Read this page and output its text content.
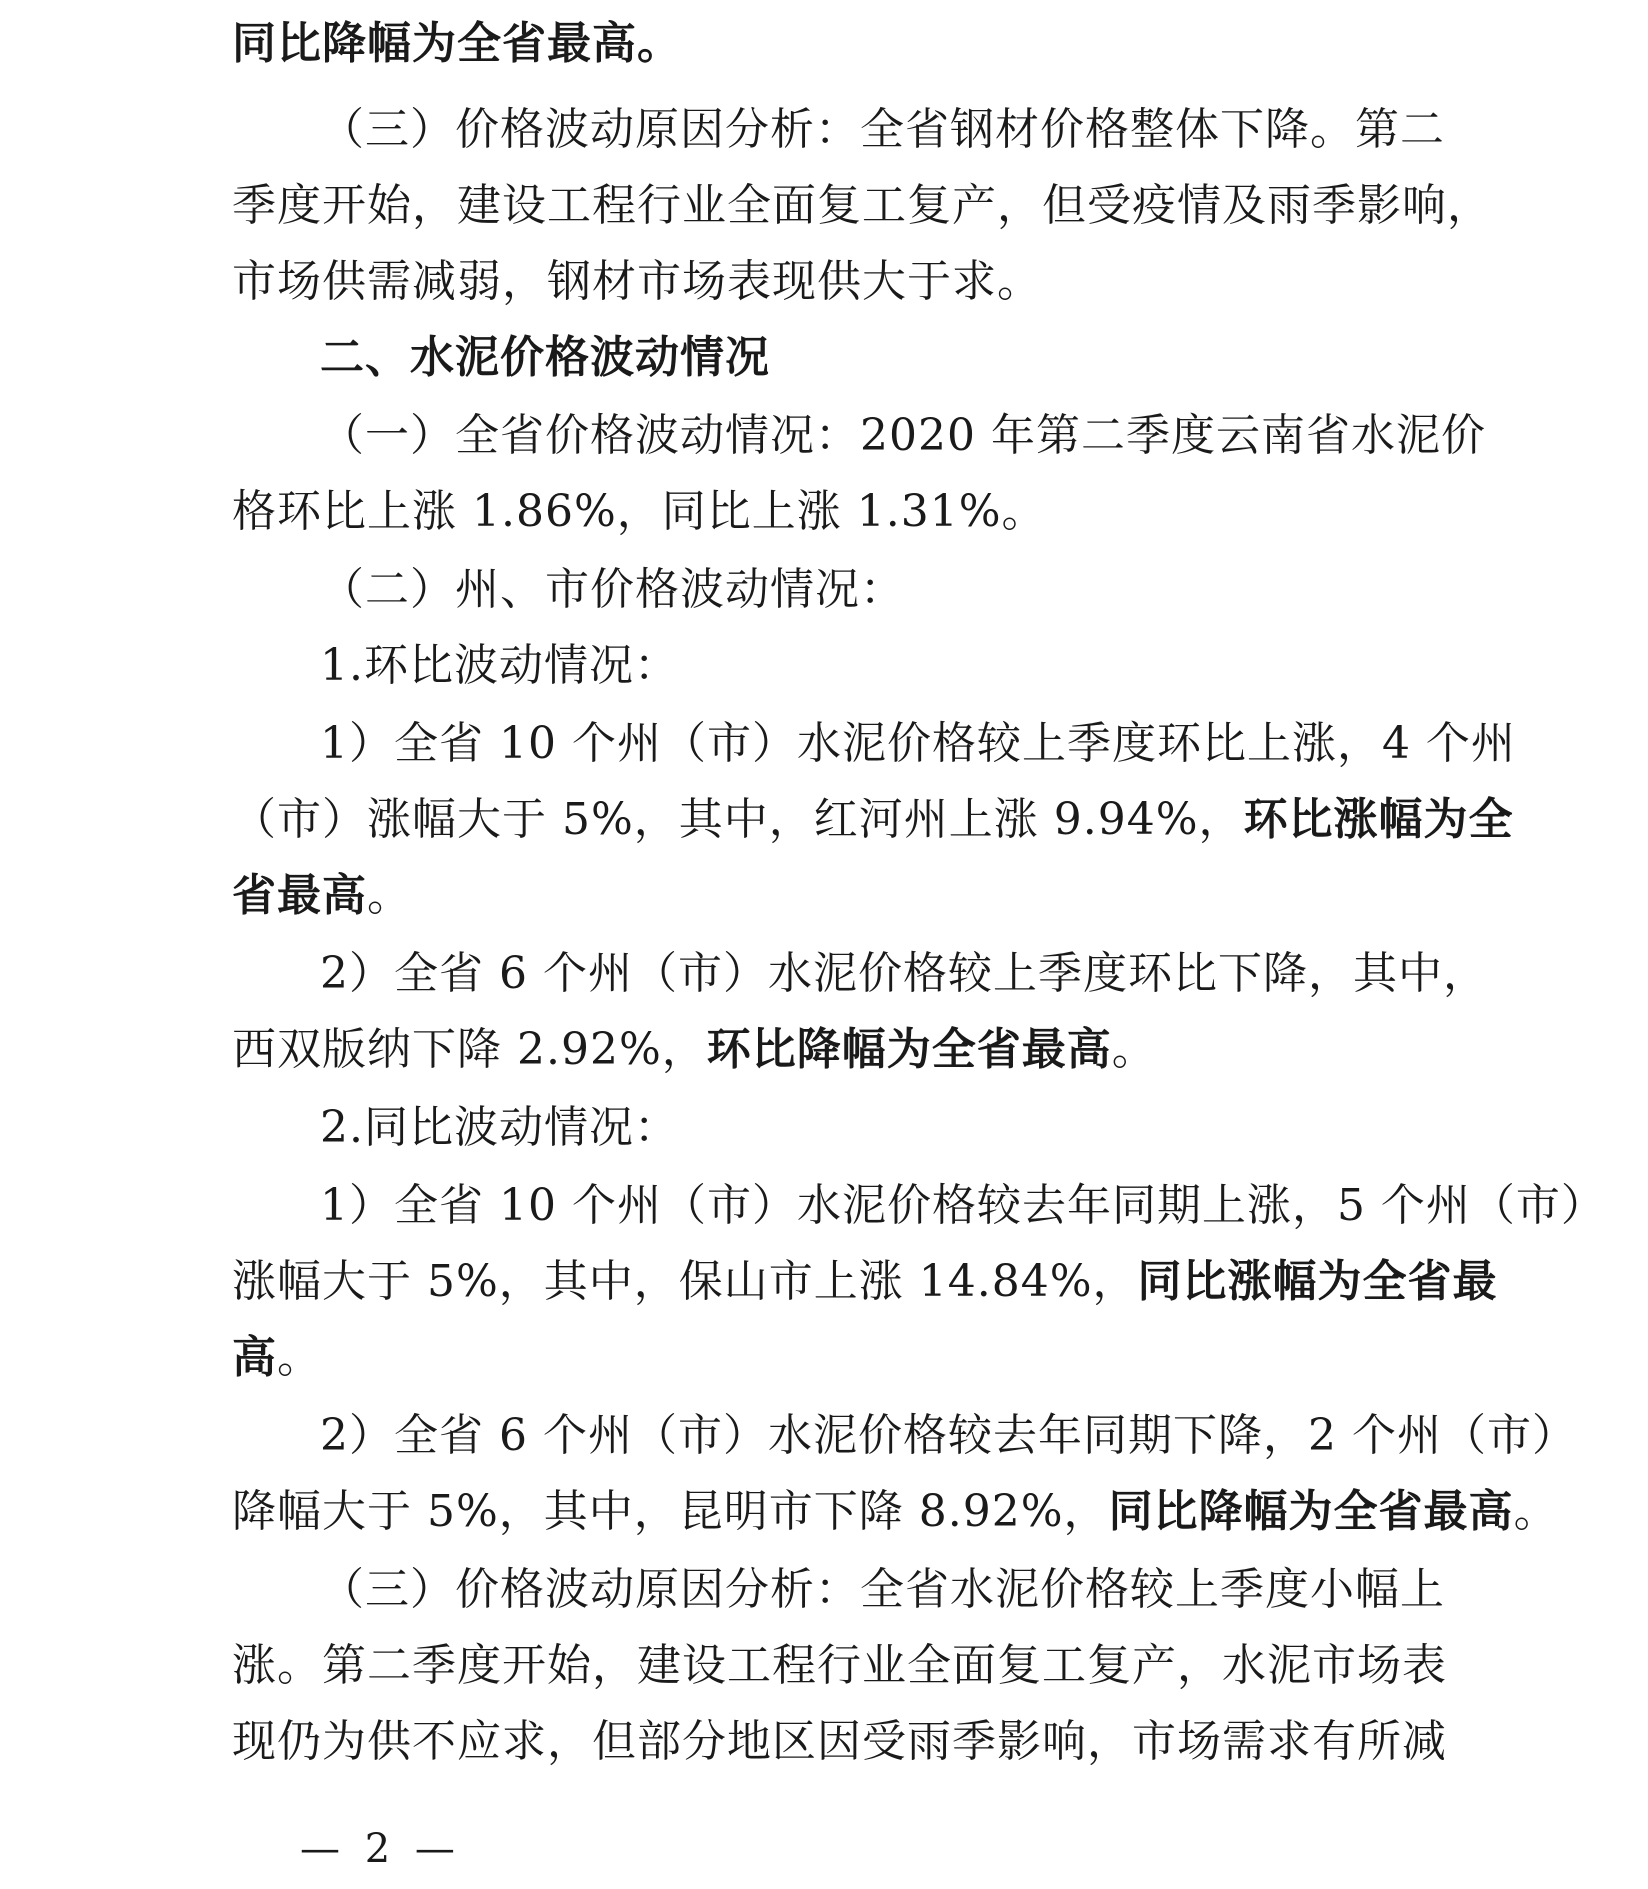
同比降幅为全省最高。
（三）价格波动原因分析：全省钢材价格整体下降。第二
季度开始，建设工程行业全面复工复产，但受疫情及雨季影响，
市场供需减弱，钢材市场表现供大于求。
二、水泥价格波动情况
（一）全省价格波动情况：2020 年第二季度云南省水泥价
格环比上涨 1.86%，同比上涨 1.31%。
（二）州、市价格波动情况：
1.环比波动情况：
1）全省 10 个州（市）水泥价格较上季度环比上涨，4 个州
（市）涨幅大于 5%，其中，红河州上涨 9.94%，环比涨幅为全
省最高。
2）全省 6 个州（市）水泥价格较上季度环比下降，其中，
西双版纳下降 2.92%，环比降幅为全省最高。
2.同比波动情况：
1）全省 10 个州（市）水泥价格较去年同期上涨，5 个州（市）
涨幅大于 5%，其中，保山市上涨 14.84%，同比涨幅为全省最
高。
2）全省 6 个州（市）水泥价格较去年同期下降，2 个州（市）
降幅大于 5%，其中，昆明市下降 8.92%，同比降幅为全省最高。
（三）价格波动原因分析：全省水泥价格较上季度小幅上
涨。第二季度开始，建设工程行业全面复工复产，水泥市场表
现仍为供不应求，但部分地区因受雨季影响，市场需求有所减
— 2 —
